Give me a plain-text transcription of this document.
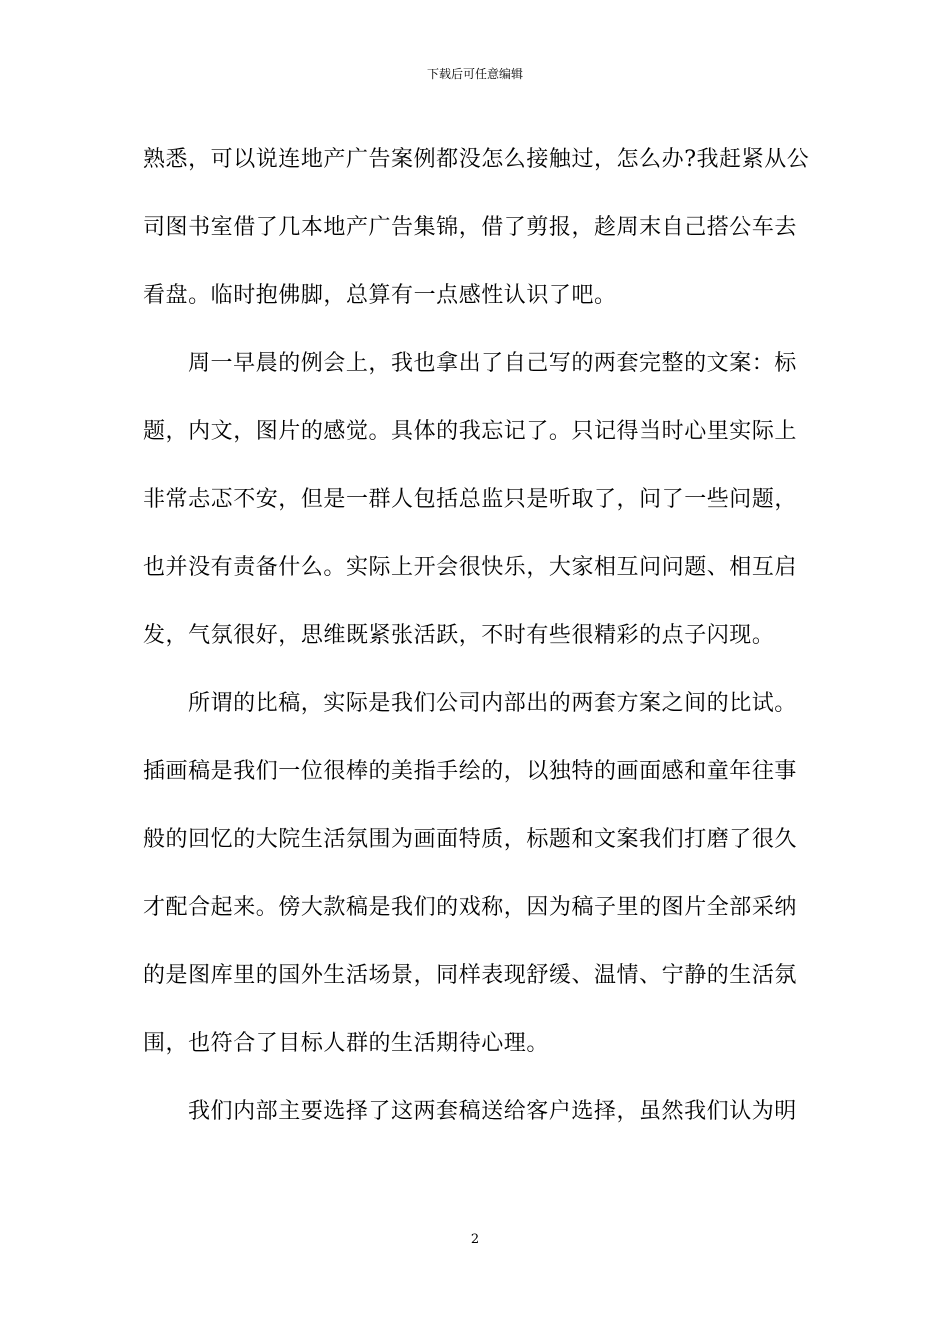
下载后可任意编辑

熟悉，可以说连地产广告案例都没怎么接触过，怎么办?我赶紧从公司图书室借了几本地产广告集锦，借了剪报，趁周末自己搭公车去看盘。临时抱佛脚，总算有一点感性认识了吧。

周一早晨的例会上，我也拿出了自己写的两套完整的文案：标题，内文，图片的感觉。具体的我忘记了。只记得当时心里实际上非常忐忑不安，但是一群人包括总监只是听取了，问了一些问题，也并没有责备什么。实际上开会很快乐，大家相互问问题、相互启发，气氛很好，思维既紧张活跃，不时有些很精彩的点子闪现。

所谓的比稿，实际是我们公司内部出的两套方案之间的比试。插画稿是我们一位很棒的美指手绘的，以独特的画面感和童年往事般的回忆的大院生活氛围为画面特质，标题和文案我们打磨了很久才配合起来。傍大款稿是我们的戏称，因为稿子里的图片全部采纳的是图库里的国外生活场景，同样表现舒缓、温情、宁静的生活氛围，也符合了目标人群的生活期待心理。

我们内部主要选择了这两套稿送给客户选择，虽然我们认为明

2
